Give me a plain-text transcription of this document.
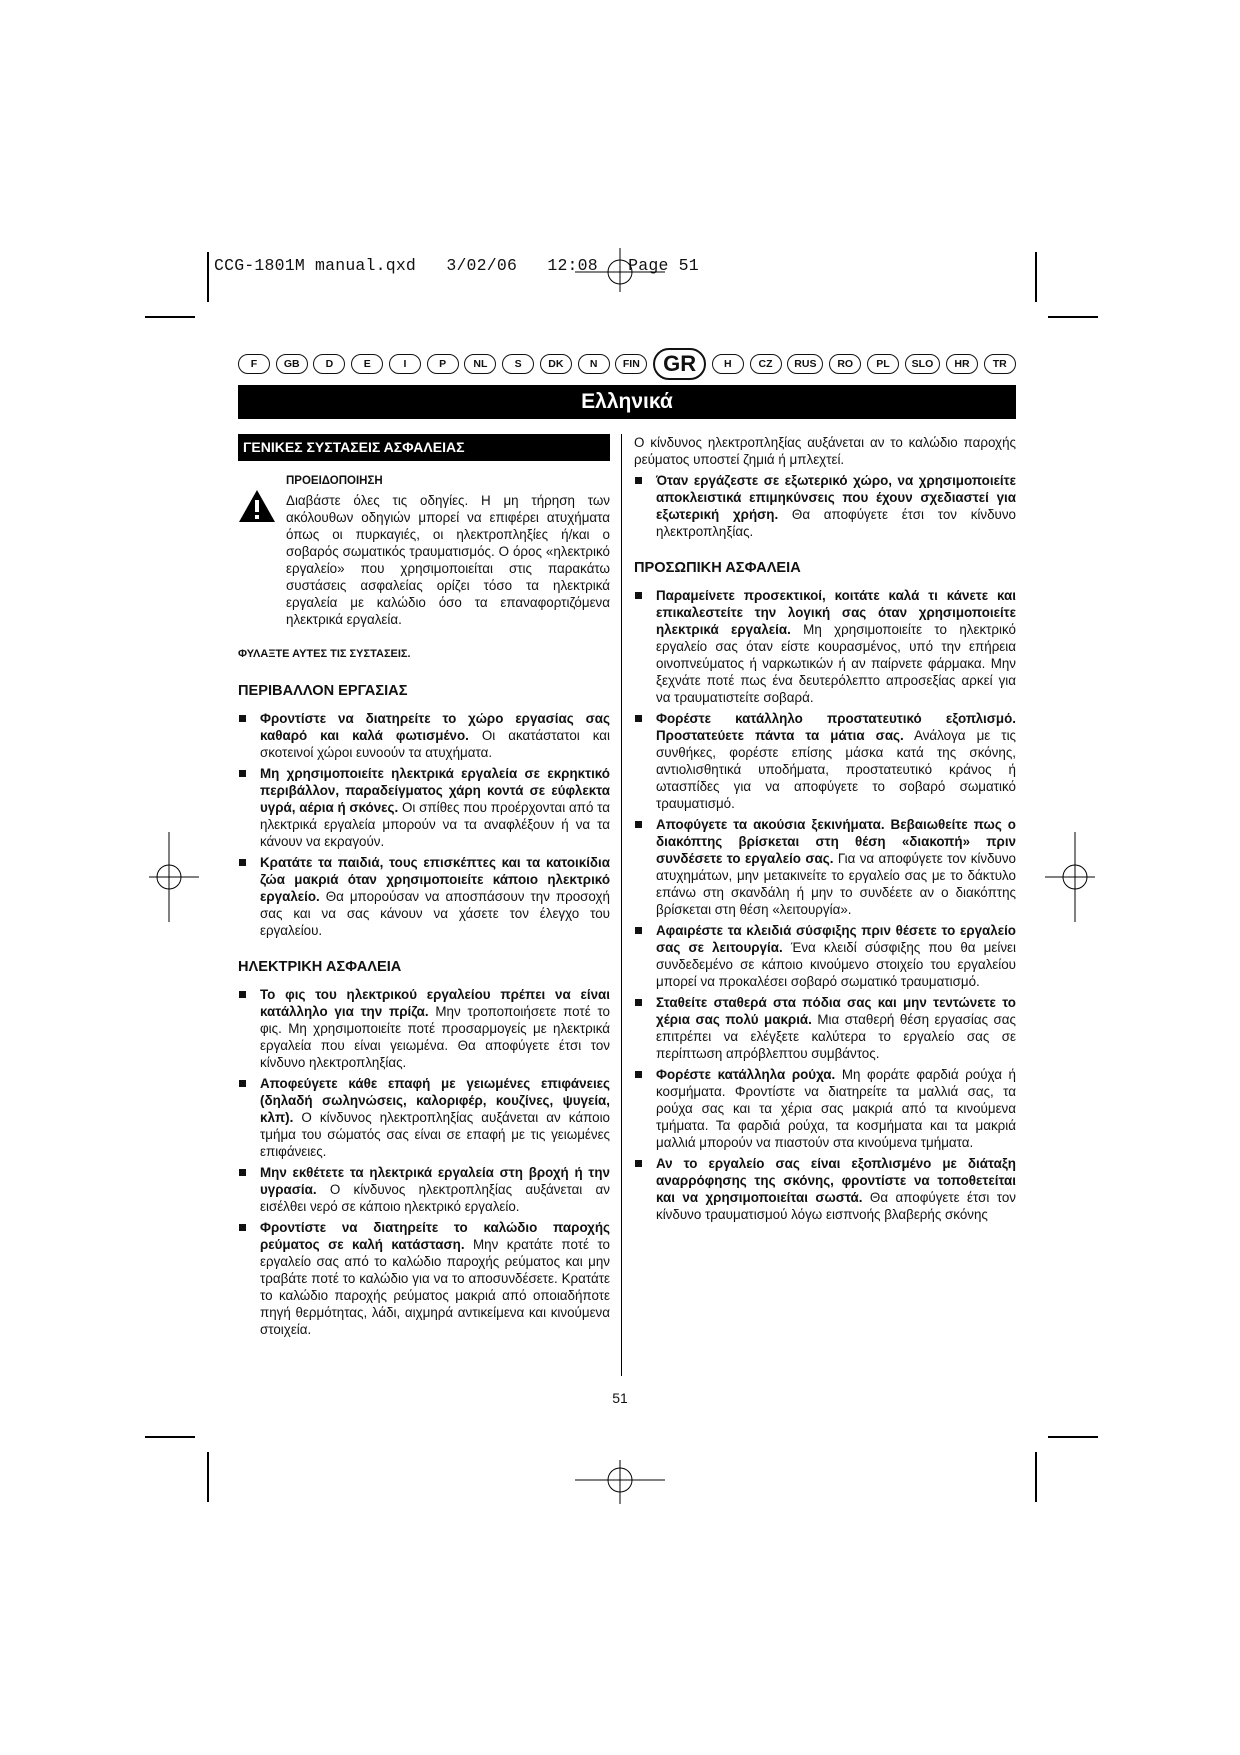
CCG-1801M manual.qxd   3/02/06   12:08   Page 51
F	GB	D	E	I	P	NL	S	DK	N	FIN	GR	H	CZ	RUS	RO	PL	SLO	HR	TR
Ελληνικά
ΓΕΝΙΚΕΣ ΣΥΣΤΑΣΕΙΣ ΑΣΦΑΛΕΙΑΣ
ΠΡΟΕΙΔΟΠΟΙΗΣΗ

Διαβάστε όλες τις οδηγίες. Η μη τήρηση των ακόλουθων οδηγιών μπορεί να επιφέρει ατυχήματα όπως οι πυρκαγιές, οι ηλεκτροπληξίες ή/και ο σοβαρός σωματικός τραυματισμός. Ο όρος «ηλεκτρικό εργαλείο» που χρησιμοποιείται στις παρακάτω συστάσεις ασφαλείας ορίζει τόσο τα ηλεκτρικά εργαλεία με καλώδιο όσο τα επαναφορτιζόμενα ηλεκτρικά εργαλεία.

ΦΥΛΑΞΤΕ ΑΥΤΕΣ ΤΙΣ ΣΥΣΤΑΣΕΙΣ.
ΠΕΡΙΒΑΛΛΟΝ ΕΡΓΑΣΙΑΣ
Φροντίστε να διατηρείτε το χώρο εργασίας σας καθαρό και καλά φωτισμένο. Οι ακατάστατοι και σκοτεινοί χώροι ευνοούν τα ατυχήματα.
Μη χρησιμοποιείτε ηλεκτρικά εργαλεία σε εκρηκτικό περιβάλλον, παραδείγματος χάρη κοντά σε εύφλεκτα υγρά, αέρια ή σκόνες. Οι σπίθες που προέρχονται από τα ηλεκτρικά εργαλεία μπορούν να τα αναφλέξουν ή να τα κάνουν να εκραγούν.
Κρατάτε τα παιδιά, τους επισκέπτες και τα κατοικίδια ζώα μακριά όταν χρησιμοποιείτε κάποιο ηλεκτρικό εργαλείο. Θα μπορούσαν να αποσπάσουν την προσοχή σας και να σας κάνουν να χάσετε τον έλεγχο του εργαλείου.
ΗΛΕΚΤΡΙΚΗ ΑΣΦΑΛΕΙΑ
Το φις του ηλεκτρικού εργαλείου πρέπει να είναι κατάλληλο για την πρίζα. Μην τροποποιήσετε ποτέ το φις. Μη χρησιμοποιείτε ποτέ προσαρμογείς με ηλεκτρικά εργαλεία που είναι γειωμένα. Θα αποφύγετε έτσι τον κίνδυνο ηλεκτροπληξίας.
Αποφεύγετε κάθε επαφή με γειωμένες επιφάνειες (δηλαδή σωληνώσεις, καλοριφέρ, κουζίνες, ψυγεία, κλπ). Ο κίνδυνος ηλεκτροπληξίας αυξάνεται αν κάποιο τμήμα του σώματός σας είναι σε επαφή με τις γειωμένες επιφάνειες.
Μην εκθέτετε τα ηλεκτρικά εργαλεία στη βροχή ή την υγρασία. Ο κίνδυνος ηλεκτροπληξίας αυξάνεται αν εισέλθει νερό σε κάποιο ηλεκτρικό εργαλείο.
Φροντίστε να διατηρείτε το καλώδιο παροχής ρεύματος σε καλή κατάσταση. Μην κρατάτε ποτέ το εργαλείο σας από το καλώδιο παροχής ρεύματος και μην τραβάτε ποτέ το καλώδιο για να το αποσυνδέσετε. Κρατάτε το καλώδιο παροχής ρεύματος μακριά από οποιαδήποτε πηγή θερμότητας, λάδι, αιχμηρά αντικείμενα και κινούμενα στοιχεία.

Ο κίνδυνος ηλεκτροπληξίας αυξάνεται αν το καλώδιο παροχής ρεύματος υποστεί ζημιά ή μπλεχτεί.

Όταν εργάζεστε σε εξωτερικό χώρο, να χρησιμοποιείτε αποκλειστικά επιμηκύνσεις που έχουν σχεδιαστεί για εξωτερική χρήση. Θα αποφύγετε έτσι τον κίνδυνο ηλεκτροπληξίας.
ΠΡΟΣΩΠΙΚΗ ΑΣΦΑΛΕΙΑ
Παραμείνετε προσεκτικοί, κοιτάτε καλά τι κάνετε και επικαλεστείτε την λογική σας όταν χρησιμοποιείτε ηλεκτρικά εργαλεία. Μη χρησιμοποιείτε το ηλεκτρικό εργαλείο σας όταν είστε κουρασμένος, υπό την επήρεια οινοπνεύματος ή ναρκωτικών ή αν παίρνετε φάρμακα. Μην ξεχνάτε ποτέ πως ένα δευτερόλεπτο απροσεξίας αρκεί για να τραυματιστείτε σοβαρά.
Φορέστε κατάλληλο προστατευτικό εξοπλισμό. Προστατεύετε πάντα τα μάτια σας. Ανάλογα με τις συνθήκες, φορέστε επίσης μάσκα κατά της σκόνης, αντιολισθητικά υποδήματα, προστατευτικό κράνος ή ωτασπίδες για να αποφύγετε το σοβαρό σωματικό τραυματισμό.
Αποφύγετε τα ακούσια ξεκινήματα. Βεβαιωθείτε πως ο διακόπτης βρίσκεται στη θέση «διακοπή» πριν συνδέσετε το εργαλείο σας. Για να αποφύγετε τον κίνδυνο ατυχημάτων, μην μετακινείτε το εργαλείο σας με το δάκτυλο επάνω στη σκανδάλη ή μην το συνδέετε αν ο διακόπτης βρίσκεται στη θέση «λειτουργία».
Αφαιρέστε τα κλειδιά σύσφιξης πριν θέσετε το εργαλείο σας σε λειτουργία. Ένα κλειδί σύσφιξης που θα μείνει συνδεδεμένο σε κάποιο κινούμενο στοιχείο του εργαλείου μπορεί να προκαλέσει σοβαρό σωματικό τραυματισμό.
Σταθείτε σταθερά στα πόδια σας και μην τεντώνετε το χέρια σας πολύ μακριά. Μια σταθερή θέση εργασίας σας επιτρέπει να ελέγξετε καλύτερα το εργαλείο σας σε περίπτωση απρόβλεπτου συμβάντος.
Φορέστε κατάλληλα ρούχα. Μη φοράτε φαρδιά ρούχα ή κοσμήματα. Φροντίστε να διατηρείτε τα μαλλιά σας, τα ρούχα σας και τα χέρια σας μακριά από τα κινούμενα τμήματα. Τα φαρδιά ρούχα, τα κοσμήματα και τα μακριά μαλλιά μπορούν να πιαστούν στα κινούμενα τμήματα.
Αν το εργαλείο σας είναι εξοπλισμένο με διάταξη αναρρόφησης της σκόνης, φροντίστε να τοποθετείται και να χρησιμοποιείται σωστά. Θα αποφύγετε έτσι τον κίνδυνο τραυματισμού λόγω εισπνοής βλαβερής σκόνης
51
